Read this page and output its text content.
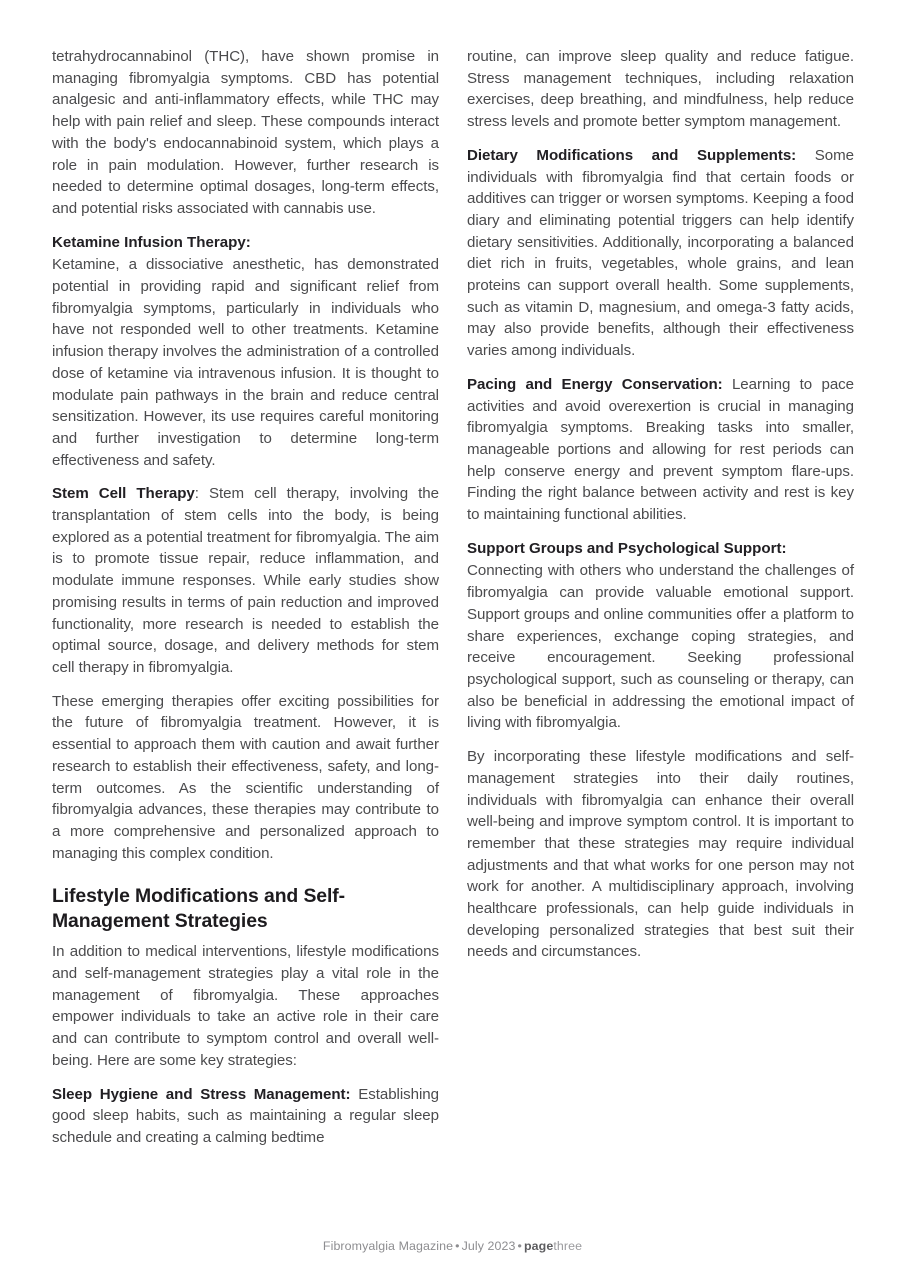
tetrahydrocannabinol (THC), have shown promise in managing fibromyalgia symptoms. CBD has potential analgesic and anti-inflammatory effects, while THC may help with pain relief and sleep. These compounds interact with the body's endocannabinoid system, which plays a role in pain modulation. However, further research is needed to determine optimal dosages, long-term effects, and potential risks associated with cannabis use.

Ketamine Infusion Therapy:

Ketamine, a dissociative anesthetic, has demonstrated potential in providing rapid and significant relief from fibromyalgia symptoms, particularly in individuals who have not responded well to other treatments. Ketamine infusion therapy involves the administration of a controlled dose of ketamine via intravenous infusion. It is thought to modulate pain pathways in the brain and reduce central sensitization. However, its use requires careful monitoring and further investigation to determine long-term effectiveness and safety.

Stem Cell Therapy: Stem cell therapy, involving the transplantation of stem cells into the body, is being explored as a potential treatment for fibromyalgia. The aim is to promote tissue repair, reduce inflammation, and modulate immune responses. While early studies show promising results in terms of pain reduction and improved functionality, more research is needed to establish the optimal source, dosage, and delivery methods for stem cell therapy in fibromyalgia.

These emerging therapies offer exciting possibilities for the future of fibromyalgia treatment. However, it is essential to approach them with caution and await further research to establish their effectiveness, safety, and long-term outcomes. As the scientific understanding of fibromyalgia advances, these therapies may contribute to a more comprehensive and personalized approach to managing this complex condition.

Lifestyle Modifications and Self-Management Strategies

In addition to medical interventions, lifestyle modifications and self-management strategies play a vital role in the management of fibromyalgia. These approaches empower individuals to take an active role in their care and can contribute to symptom control and overall well-being. Here are some key strategies:

Sleep Hygiene and Stress Management: Establishing good sleep habits, such as maintaining a regular sleep schedule and creating a calming bedtime

routine, can improve sleep quality and reduce fatigue. Stress management techniques, including relaxation exercises, deep breathing, and mindfulness, help reduce stress levels and promote better symptom management.

Dietary Modifications and Supplements: Some individuals with fibromyalgia find that certain foods or additives can trigger or worsen symptoms. Keeping a food diary and eliminating potential triggers can help identify dietary sensitivities. Additionally, incorporating a balanced diet rich in fruits, vegetables, whole grains, and lean proteins can support overall health. Some supplements, such as vitamin D, magnesium, and omega-3 fatty acids, may also provide benefits, although their effectiveness varies among individuals.

Pacing and Energy Conservation: Learning to pace activities and avoid overexertion is crucial in managing fibromyalgia symptoms. Breaking tasks into smaller, manageable portions and allowing for rest periods can help conserve energy and prevent symptom flare-ups. Finding the right balance between activity and rest is key to maintaining functional abilities.

Support Groups and Psychological Support:

Connecting with others who understand the challenges of fibromyalgia can provide valuable emotional support. Support groups and online communities offer a platform to share experiences, exchange coping strategies, and receive encouragement. Seeking professional psychological support, such as counseling or therapy, can also be beneficial in addressing the emotional impact of living with fibromyalgia.

By incorporating these lifestyle modifications and self-management strategies into their daily routines, individuals with fibromyalgia can enhance their overall well-being and improve symptom control. It is important to remember that these strategies may require individual adjustments and that what works for one person may not work for another. A multidisciplinary approach, involving healthcare professionals, can help guide individuals in developing personalized strategies that best suit their needs and circumstances.

Fibromyalgia Magazine • July 2023 • pagethree
